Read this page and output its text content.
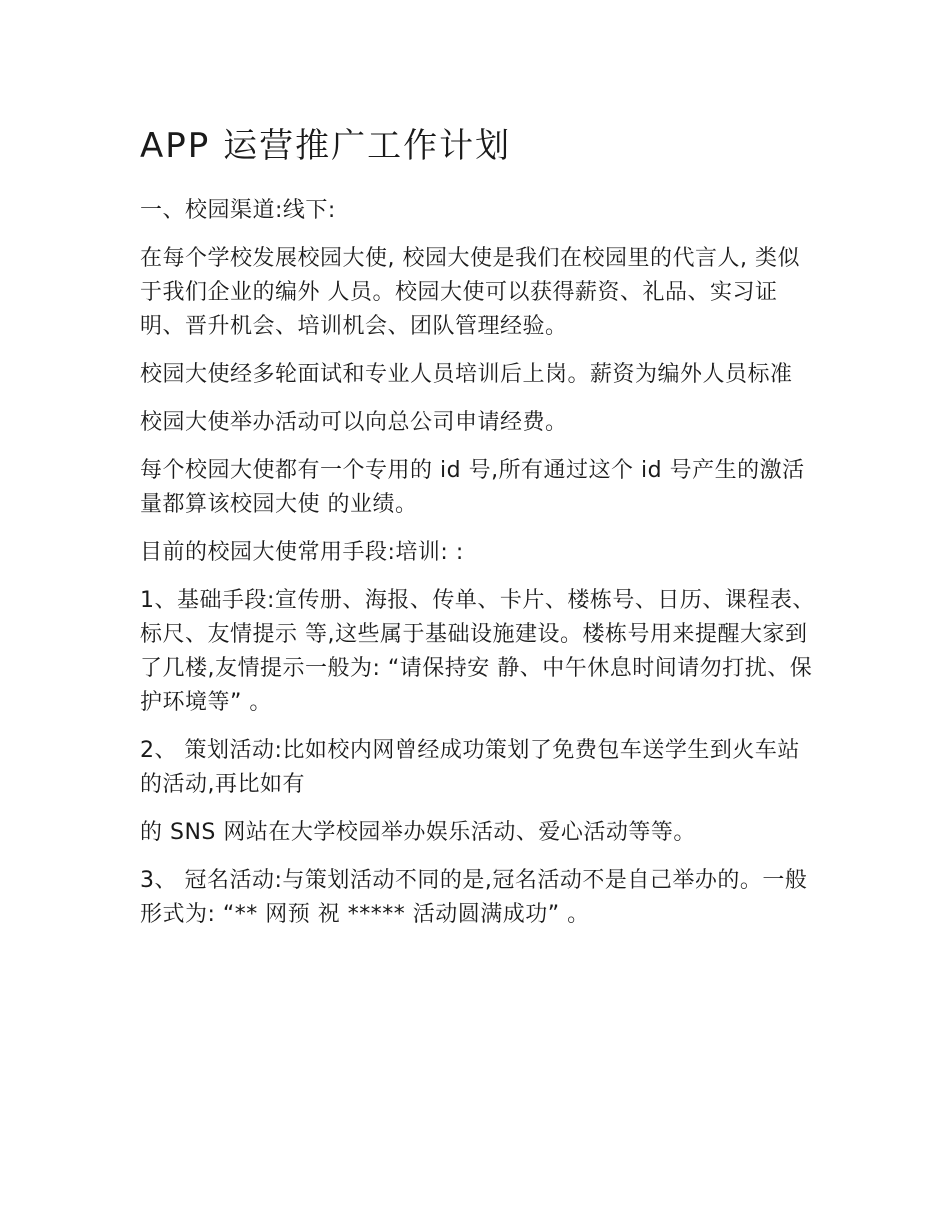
APP 运营推广工作计划

一、校园渠道:线下:

在每个学校发展校园大使, 校园大使是我们在校园里的代言人, 类似于我们企业的编外 人员。校园大使可以获得薪资、礼品、实习证明、晋升机会、培训机会、团队管理经验。

校园大使经多轮面试和专业人员培训后上岗。薪资为编外人员标准

校园大使举办活动可以向总公司申请经费。

每个校园大使都有一个专用的 id 号,所有通过这个 id 号产生的激活量都算该校园大使 的业绩。

目前的校园大使常用手段:培训: :

1、基础手段:宣传册、海报、传单、卡片、楼栋号、日历、课程表、标尺、友情提示 等,这些属于基础设施建设。楼栋号用来提醒大家到了几楼,友情提示一般为: “请保持安 静、中午休息时间请勿打扰、保护环境等” 。

2、 策划活动:比如校内网曾经成功策划了免费包车送学生到火车站的活动,再比如有

的 SNS 网站在大学校园举办娱乐活动、爱心活动等等。

3、 冠名活动:与策划活动不同的是,冠名活动不是自己举办的。一般形式为: “** 网预 祝 ***** 活动圆满成功” 。
